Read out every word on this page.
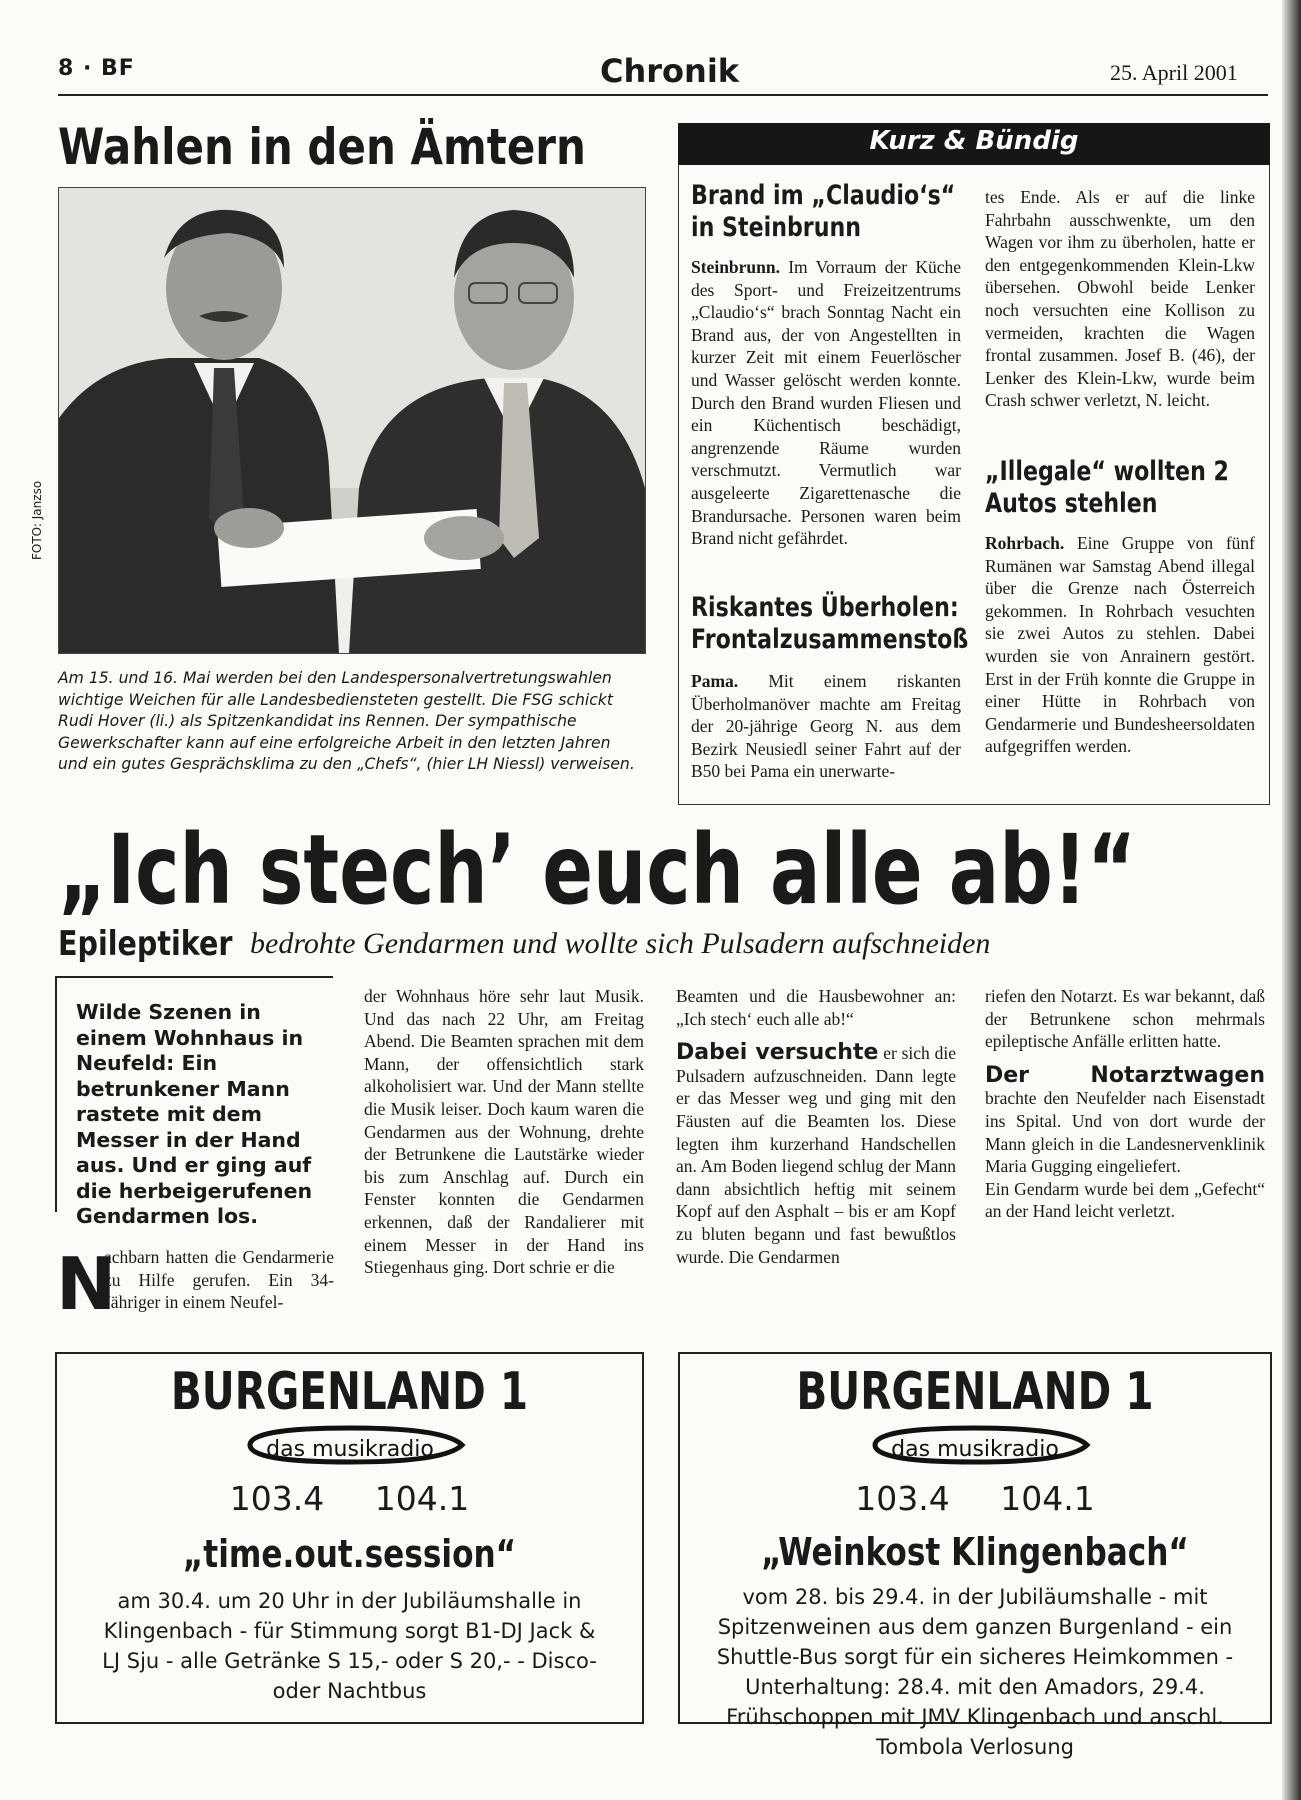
8 · BF	Chronik	25. April 2001
Wahlen in den Ämtern
FOTO: Janzso
Am 15. und 16. Mai werden bei den Landespersonalvertretungswahlen wichtige Weichen für alle Landesbediensteten gestellt. Die FSG schickt Rudi Hover (li.) als Spitzenkandidat ins Rennen. Der sympathische Gewerkschafter kann auf eine erfolgreiche Arbeit in den letzten Jahren und ein gutes Gesprächsklima zu den „Chefs“, (hier LH Niessl) verweisen.
Kurz & Bündig
Brand im „Claudio‘s“
in Steinbrunn
Steinbrunn. Im Vorraum der Küche des Sport- und Freizeitzentrums „Claudio‘s“ brach Sonntag Nacht ein Brand aus, der von Angestellten in kurzer Zeit mit einem Feuerlöscher und Wasser gelöscht werden konnte. Durch den Brand wurden Fliesen und ein Küchentisch beschädigt, angrenzende Räume wurden verschmutzt. Vermutlich war ausgeleerte Zigarettenasche die Brandursache. Personen waren beim Brand nicht gefährdet.
Riskantes Überholen:
Frontalzusammenstoß
Pama. Mit einem riskanten Überholmanöver machte am Freitag der 20-jährige Georg N. aus dem Bezirk Neusiedl seiner Fahrt auf der B50 bei Pama ein unerwarte-
tes Ende. Als er auf die linke Fahrbahn ausschwenkte, um den Wagen vor ihm zu überholen, hatte er den entgegenkommenden Klein-Lkw übersehen. Obwohl beide Lenker noch versuchten eine Kollison zu vermeiden, krachten die Wagen frontal zusammen. Josef B. (46), der Lenker des Klein-Lkw, wurde beim Crash schwer verletzt, N. leicht.
„Illegale“ wollten 2
Autos stehlen
Rohrbach. Eine Gruppe von fünf Rumänen war Samstag Abend illegal über die Grenze nach Österreich gekommen. In Rohrbach vesuchten sie zwei Autos zu stehlen. Dabei wurden sie von Anrainern gestört. Erst in der Früh konnte die Gruppe in einer Hütte in Rohrbach von Gendarmerie und Bundesheersoldaten aufgegriffen werden.
„Ich stech’ euch alle ab!“
Epileptiker bedrohte Gendarmen und wollte sich Pulsadern aufschneiden
Wilde Szenen in einem Wohnhaus in Neufeld: Ein betrunkener Mann rastete mit dem Messer in der Hand aus. Und er ging auf die herbeigerufenen Gendarmen los.
N
achbarn hatten die Gendarmerie zu Hilfe gerufen. Ein 34-Jähriger in einem Neufel-
der Wohnhaus höre sehr laut Musik. Und das nach 22 Uhr, am Freitag Abend. Die Beamten sprachen mit dem Mann, der offensichtlich stark alkoholisiert war. Und der Mann stellte die Musik leiser. Doch kaum waren die Gendarmen aus der Wohnung, drehte der Betrunkene die Lautstärke wieder bis zum Anschlag auf. Durch ein Fenster konnten die Gendarmen erkennen, daß der Randalierer mit einem Messer in der Hand ins Stiegenhaus ging. Dort schrie er die

Beamten und die Hausbewohner an: „Ich stech‘ euch alle ab!“

Dabei versuchte er sich die Pulsadern aufzuschneiden. Dann legte er das Messer weg und ging mit den Fäusten auf die Beamten los. Diese legten ihm kurzerhand Handschellen an. Am Boden liegend schlug der Mann dann absichtlich heftig mit seinem Kopf auf den Asphalt – bis er am Kopf zu bluten begann und fast bewußtlos wurde. Die Gendarmen

riefen den Notarzt. Es war bekannt, daß der Betrunkene schon mehrmals epileptische Anfälle erlitten hatte.

Der Notarztwagen brachte den Neufelder nach Eisenstadt ins Spital. Und von dort wurde der Mann gleich in die Landesnervenklinik Maria Gugging eingeliefert.

Ein Gendarm wurde bei dem „Gefecht“ an der Hand leicht verletzt.

BURGENLAND 1
das musikradio
103.4 104.1
„time.out.session“
am 30.4. um 20 Uhr in der Jubiläumshalle in Klingenbach - für Stimmung sorgt B1-DJ Jack & LJ Sju - alle Getränke S 15,- oder S 20,- - Disco- oder Nachtbus
BURGENLAND 1
das musikradio
103.4 104.1
„Weinkost Klingenbach“
vom 28. bis 29.4. in der Jubiläumshalle - mit Spitzenweinen aus dem ganzen Burgenland - ein Shuttle-Bus sorgt für ein sicheres Heimkommen - Unterhaltung: 28.4. mit den Amadors, 29.4. Frühschoppen mit JMV Klingenbach und anschl. Tombola Verlosung
